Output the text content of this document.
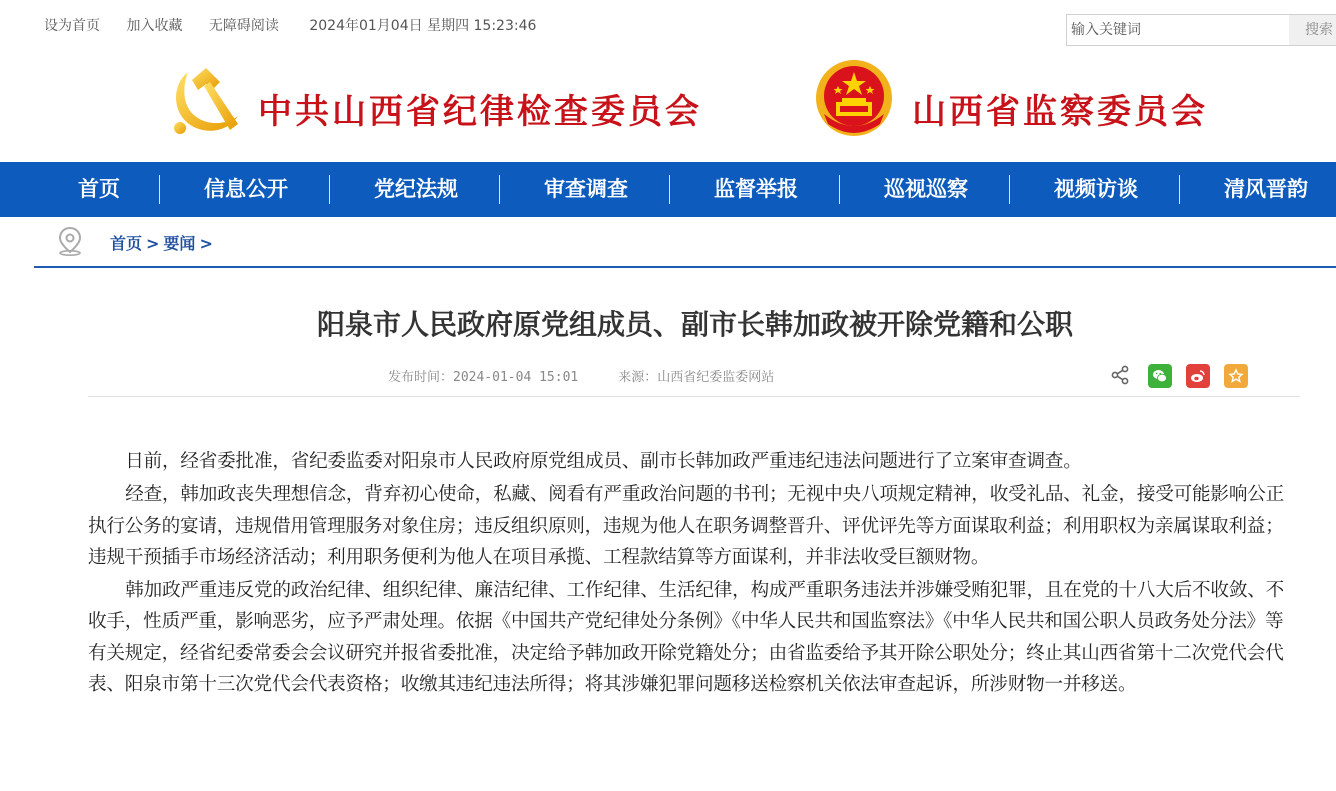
设为首页 加入收藏 无障碍阅读 2024年01月04日 星期四 15:23:46
输入关键词	搜索
中共山西省纪律检查委员会	山西省监察委员会
首页	信息公开	党纪法规	审查调查	监督举报	巡视巡察	视频访谈	清风晋韵
首页 > 要闻 >
阳泉市人民政府原党组成员、副市长韩加政被开除党籍和公职
发布时间：2024-01-04 15:01	来源：山西省纪委监委网站

日前，经省委批准，省纪委监委对阳泉市人民政府原党组成员、副市长韩加政严重违纪违法问题进行了立案审查调查。

经查，韩加政丧失理想信念，背弃初心使命，私藏、阅看有严重政治问题的书刊；无视中央八项规定精神，收受礼品、礼金，接受可能影响公正执行公务的宴请，违规借用管理服务对象住房；违反组织原则，违规为他人在职务调整晋升、评优评先等方面谋取利益；利用职权为亲属谋取利益；违规干预插手市场经济活动；利用职务便利为他人在项目承揽、工程款结算等方面谋利，并非法收受巨额财物。

韩加政严重违反党的政治纪律、组织纪律、廉洁纪律、工作纪律、生活纪律，构成严重职务违法并涉嫌受贿犯罪，且在党的十八大后不收敛、不收手，性质严重，影响恶劣，应予严肃处理。依据《中国共产党纪律处分条例》《中华人民共和国监察法》《中华人民共和国公职人员政务处分法》等有关规定，经省纪委常委会会议研究并报省委批准，决定给予韩加政开除党籍处分；由省监委给予其开除公职处分；终止其山西省第十二次党代会代表、阳泉市第十三次党代会代表资格；收缴其违纪违法所得；将其涉嫌犯罪问题移送检察机关依法审查起诉，所涉财物一并移送。
